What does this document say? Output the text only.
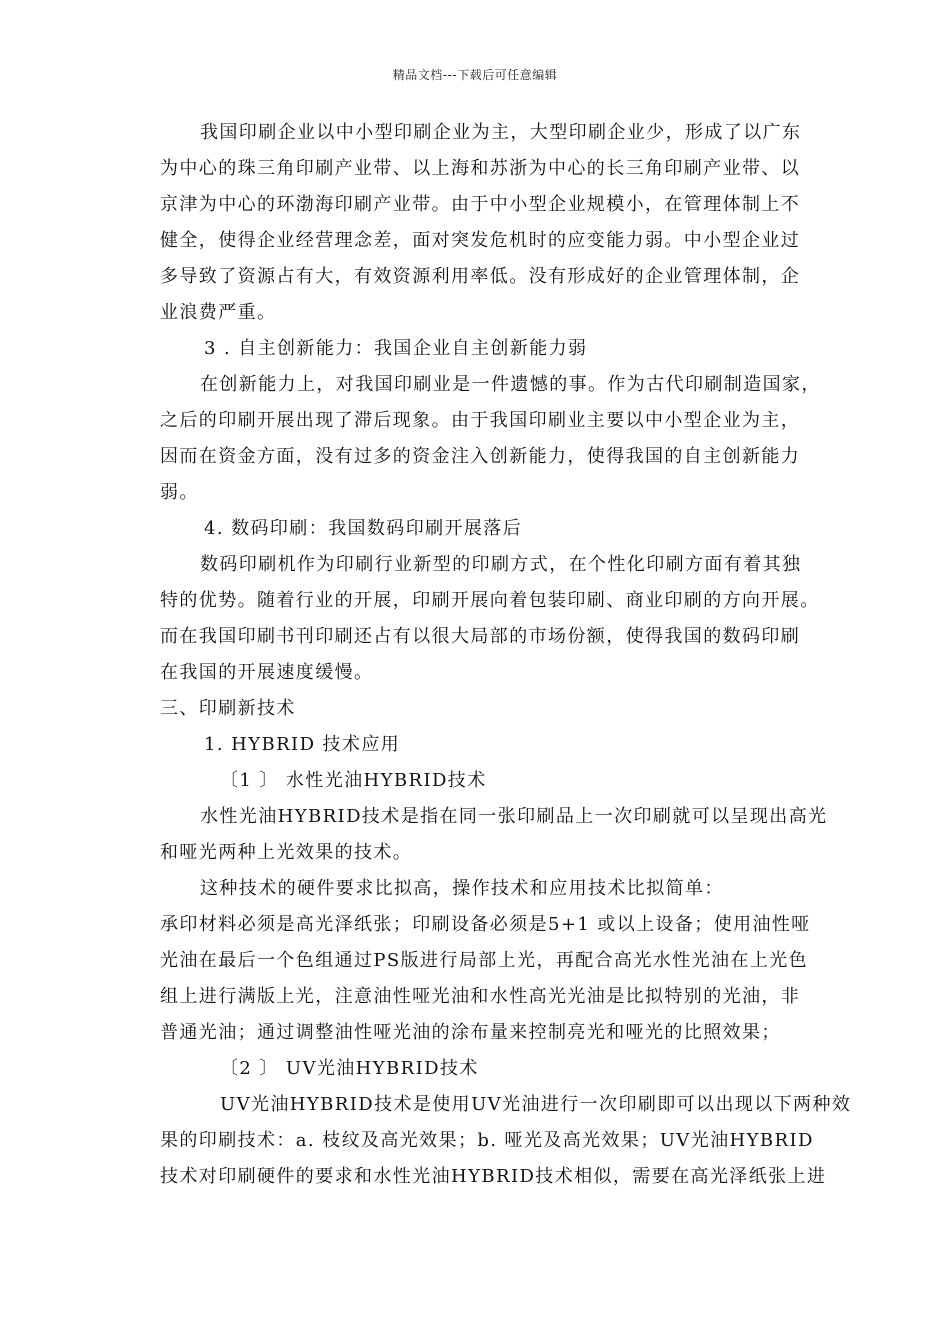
精品文档---下载后可任意编辑
我国印刷企业以中小型印刷企业为主，大型印刷企业少，形成了以广东
为中心的珠三角印刷产业带、以上海和苏浙为中心的长三角印刷产业带、以
京津为中心的环渤海印刷产业带。由于中小型企业规模小，在管理体制上不
健全，使得企业经营理念差，面对突发危机时的应变能力弱。中小型企业过
多导致了资源占有大，有效资源利用率低。没有形成好的企业管理体制，企
业浪费严重。
3 . 自主创新能力：我国企业自主创新能力弱
在创新能力上，对我国印刷业是一件遗憾的事。作为古代印刷制造国家，
之后的印刷开展出现了滞后现象。由于我国印刷业主要以中小型企业为主，
因而在资金方面，没有过多的资金注入创新能力，使得我国的自主创新能力
弱。
4. 数码印刷：我国数码印刷开展落后
数码印刷机作为印刷行业新型的印刷方式，在个性化印刷方面有着其独
特的优势。随着行业的开展，印刷开展向着包装印刷、商业印刷的方向开展。
而在我国印刷书刊印刷还占有以很大局部的市场份额，使得我国的数码印刷
在我国的开展速度缓慢。
三、印刷新技术
1. HYBRID 技术应用
〔1 〕 水性光油HYBRID技术
水性光油HYBRID技术是指在同一张印刷品上一次印刷就可以呈现出高光
和哑光两种上光效果的技术。
这种技术的硬件要求比拟高，操作技术和应用技术比拟简单：
承印材料必须是高光泽纸张；印刷设备必须是5+1 或以上设备；使用油性哑
光油在最后一个色组通过PS版进行局部上光，再配合高光水性光油在上光色
组上进行满版上光，注意油性哑光油和水性高光光油是比拟特别的光油，非
普通光油；通过调整油性哑光油的涂布量来控制亮光和哑光的比照效果；
〔2 〕 UV光油HYBRID技术
UV光油HYBRID技术是使用UV光油进行一次印刷即可以出现以下两种效
果的印刷技术：a. 枝纹及高光效果；b. 哑光及高光效果；UV光油HYBRID
技术对印刷硬件的要求和水性光油HYBRID技术相似，需要在高光泽纸张上进
